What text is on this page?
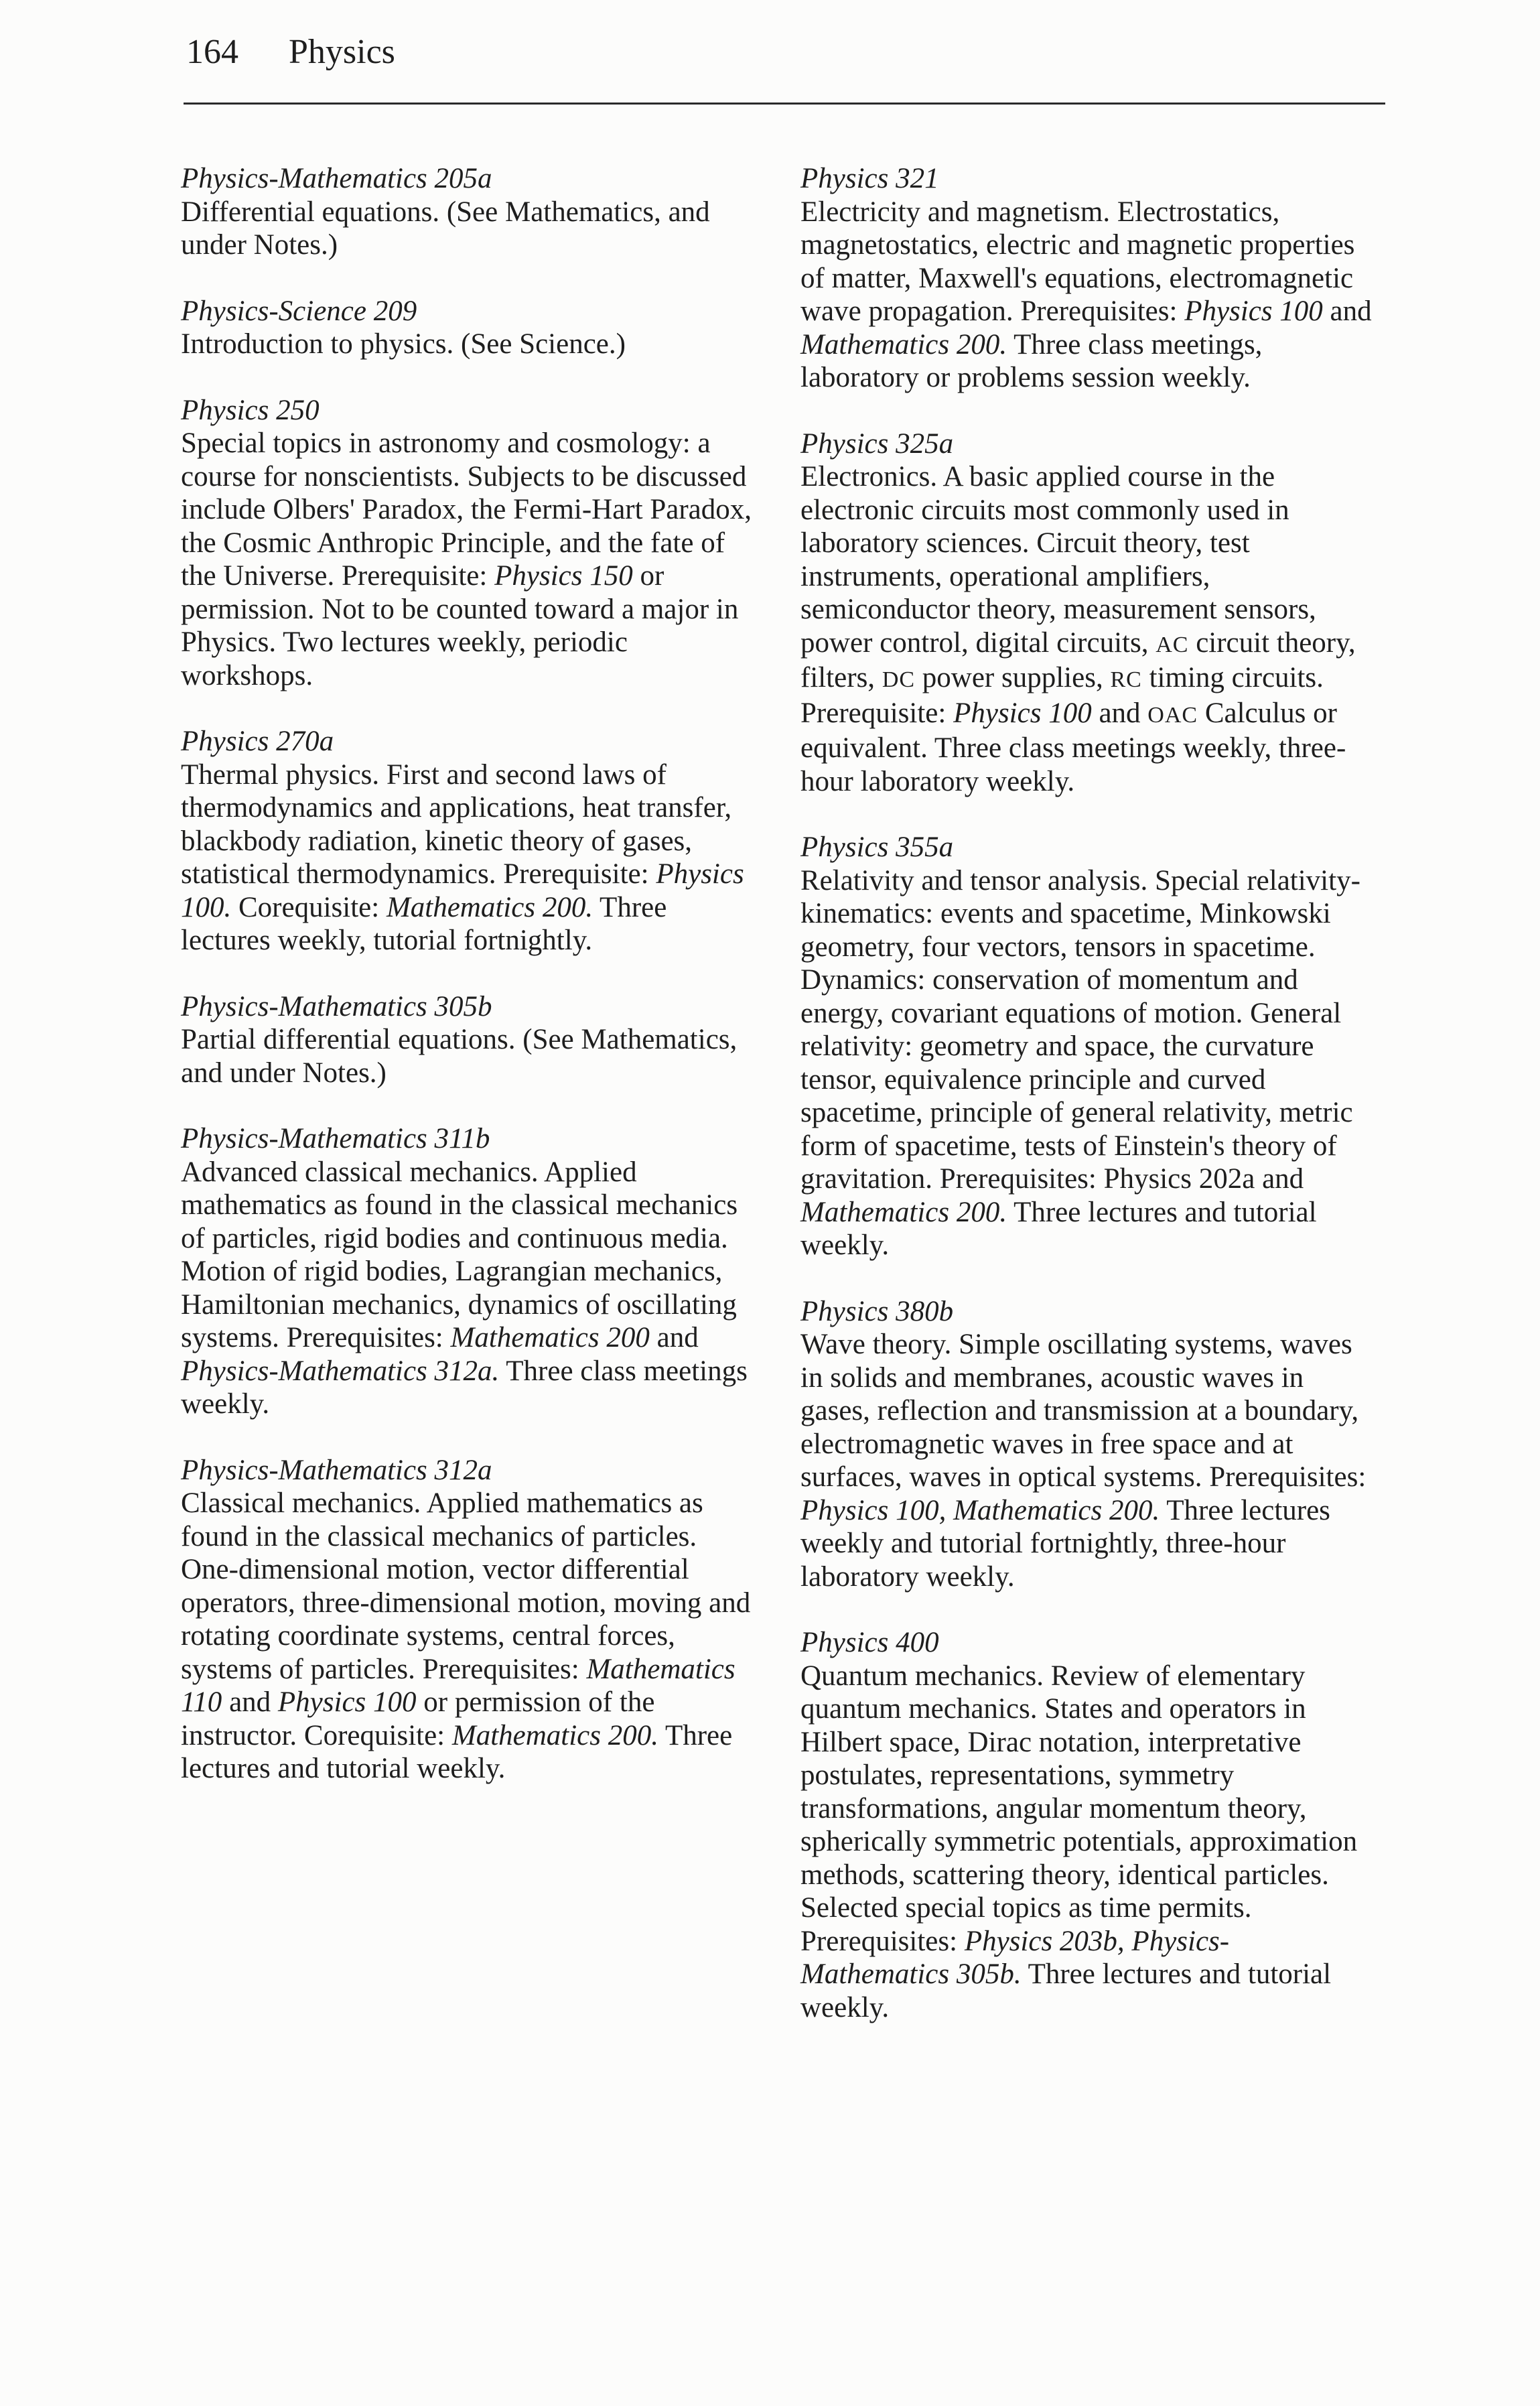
164 Physics
Physics-Mathematics 205a
Differential equations. (See Mathematics, and under Notes.)
Physics-Science 209
Introduction to physics. (See Science.)
Physics 250
Special topics in astronomy and cosmology: a course for nonscientists. Subjects to be discussed include Olbers' Paradox, the Fermi-Hart Paradox, the Cosmic Anthropic Principle, and the fate of the Universe. Prerequisite: Physics 150 or permission. Not to be counted toward a major in Physics. Two lectures weekly, periodic workshops.
Physics 270a
Thermal physics. First and second laws of thermodynamics and applications, heat transfer, blackbody radiation, kinetic theory of gases, statistical thermodynamics. Prerequisite: Physics 100. Corequisite: Mathematics 200. Three lectures weekly, tutorial fortnightly.
Physics-Mathematics 305b
Partial differential equations. (See Mathematics, and under Notes.)
Physics-Mathematics 311b
Advanced classical mechanics. Applied mathematics as found in the classical mechanics of particles, rigid bodies and continuous media. Motion of rigid bodies, Lagrangian mechanics, Hamiltonian mechanics, dynamics of oscillating systems. Prerequisites: Mathematics 200 and Physics-Mathematics 312a. Three class meetings weekly.
Physics-Mathematics 312a
Classical mechanics. Applied mathematics as found in the classical mechanics of particles. One-dimensional motion, vector differential operators, three-dimensional motion, moving and rotating coordinate systems, central forces, systems of particles. Prerequisites: Mathematics 110 and Physics 100 or permission of the instructor. Corequisite: Mathematics 200. Three lectures and tutorial weekly.
Physics 321
Electricity and magnetism. Electrostatics, magnetostatics, electric and magnetic properties of matter, Maxwell's equations, electromagnetic wave propagation. Prerequisites: Physics 100 and Mathematics 200. Three class meetings, laboratory or problems session weekly.
Physics 325a
Electronics. A basic applied course in the electronic circuits most commonly used in laboratory sciences. Circuit theory, test instruments, operational amplifiers, semiconductor theory, measurement sensors, power control, digital circuits, AC circuit theory, filters, DC power supplies, RC timing circuits. Prerequisite: Physics 100 and OAC Calculus or equivalent. Three class meetings weekly, three-hour laboratory weekly.
Physics 355a
Relativity and tensor analysis. Special relativity-kinematics: events and spacetime, Minkowski geometry, four vectors, tensors in spacetime. Dynamics: conservation of momentum and energy, covariant equations of motion. General relativity: geometry and space, the curvature tensor, equivalence principle and curved spacetime, principle of general relativity, metric form of spacetime, tests of Einstein's theory of gravitation. Prerequisites: Physics 202a and Mathematics 200. Three lectures and tutorial weekly.
Physics 380b
Wave theory. Simple oscillating systems, waves in solids and membranes, acoustic waves in gases, reflection and transmission at a boundary, electromagnetic waves in free space and at surfaces, waves in optical systems. Prerequisites: Physics 100, Mathematics 200. Three lectures weekly and tutorial fortnightly, three-hour laboratory weekly.
Physics 400
Quantum mechanics. Review of elementary quantum mechanics. States and operators in Hilbert space, Dirac notation, interpretative postulates, representations, symmetry transformations, angular momentum theory, spherically symmetric potentials, approximation methods, scattering theory, identical particles. Selected special topics as time permits. Prerequisites: Physics 203b, Physics-Mathematics 305b. Three lectures and tutorial weekly.
